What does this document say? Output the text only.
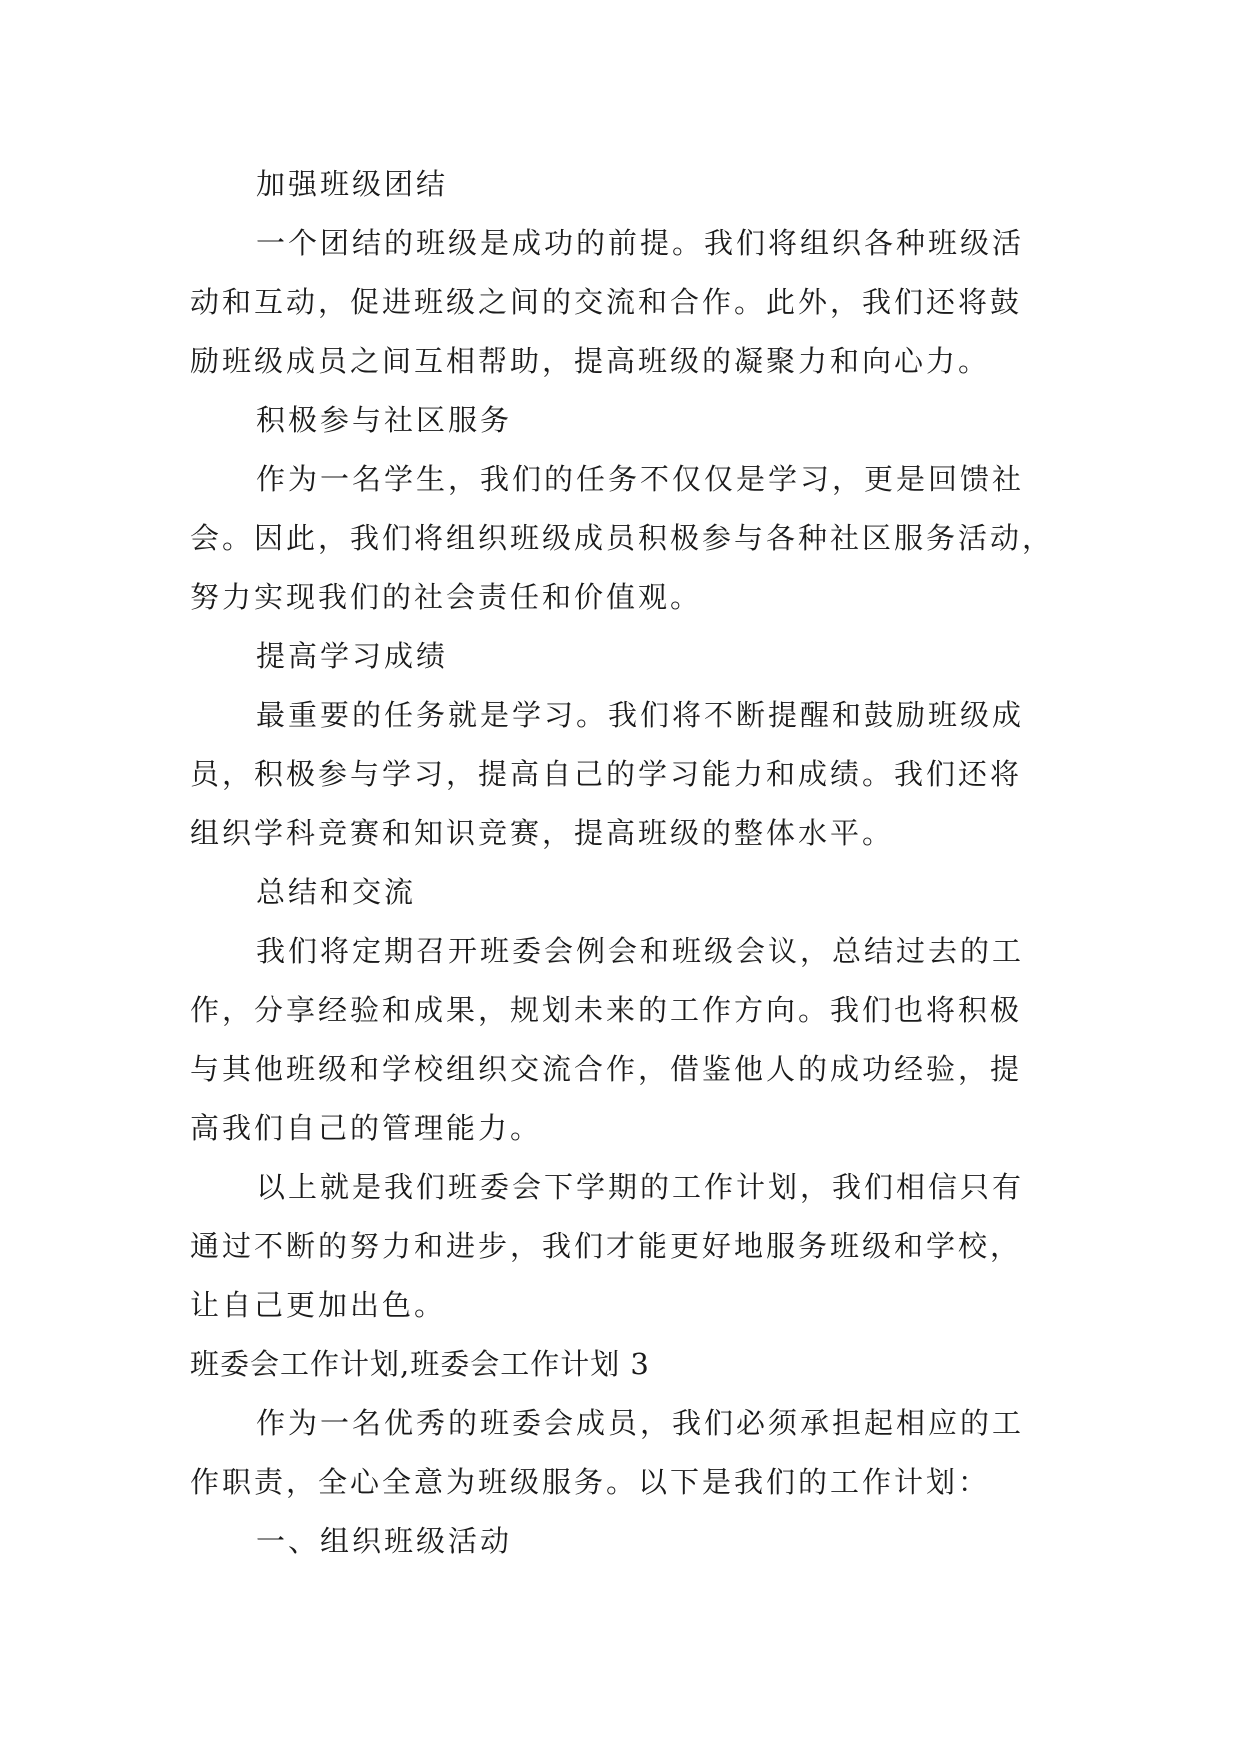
加强班级团结
一个团结的班级是成功的前提。我们将组织各种班级活
动和互动，促进班级之间的交流和合作。此外，我们还将鼓
励班级成员之间互相帮助，提高班级的凝聚力和向心力。
积极参与社区服务
作为一名学生，我们的任务不仅仅是学习，更是回馈社
会。因此，我们将组织班级成员积极参与各种社区服务活动，
努力实现我们的社会责任和价值观。
提高学习成绩
最重要的任务就是学习。我们将不断提醒和鼓励班级成
员，积极参与学习，提高自己的学习能力和成绩。我们还将
组织学科竞赛和知识竞赛，提高班级的整体水平。
总结和交流
我们将定期召开班委会例会和班级会议，总结过去的工
作，分享经验和成果，规划未来的工作方向。我们也将积极
与其他班级和学校组织交流合作，借鉴他人的成功经验，提
高我们自己的管理能力。
以上就是我们班委会下学期的工作计划，我们相信只有
通过不断的努力和进步，我们才能更好地服务班级和学校，
让自己更加出色。
班委会工作计划,班委会工作计划 3
作为一名优秀的班委会成员，我们必须承担起相应的工
作职责，全心全意为班级服务。以下是我们的工作计划：
一、组织班级活动
